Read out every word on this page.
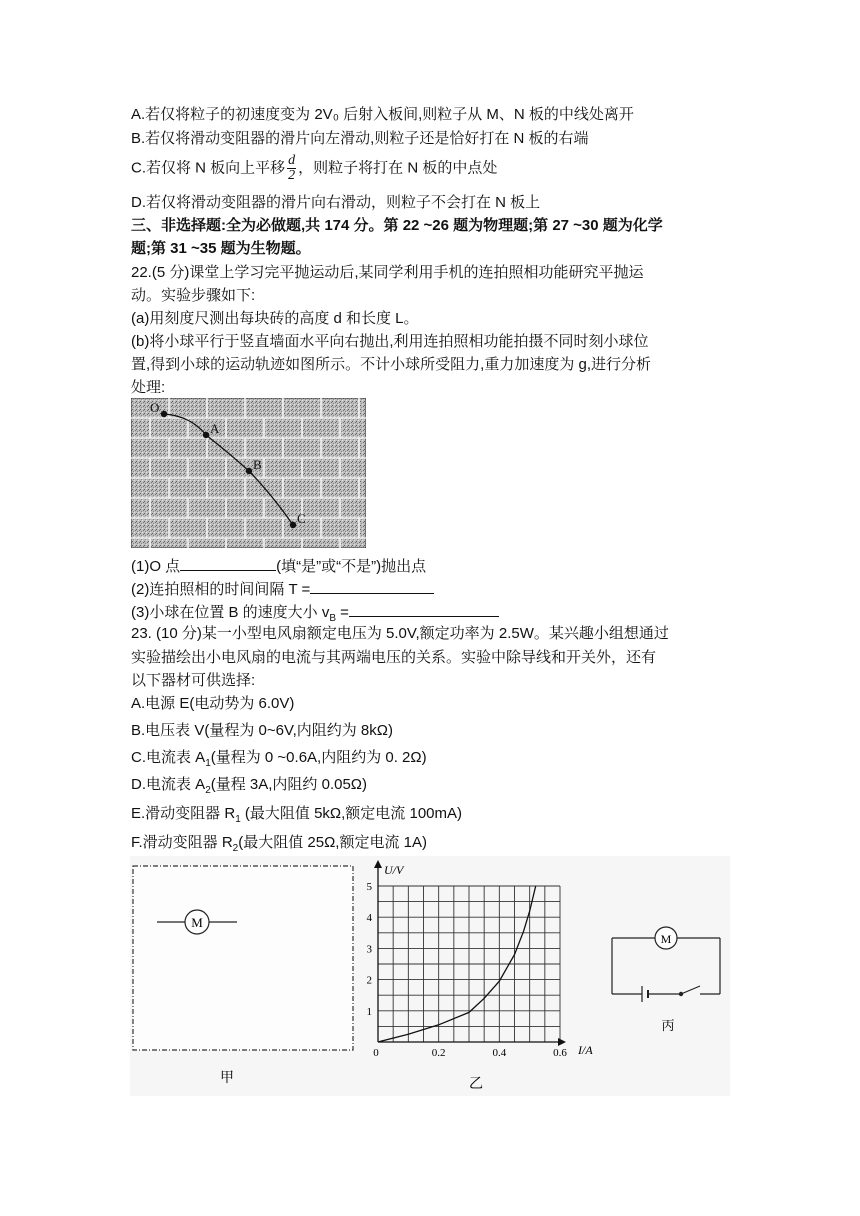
A.若仅将粒子的初速度变为 2V₀ 后射入板间,则粒子从 M、N 板的中线处离开
B.若仅将滑动变阻器的滑片向左滑动,则粒子还是恰好打在 N 板的右端
C.若仅将 N 板向上平移 $\frac{d}{2}$ ，则粒子将打在 N 板的中点处
D.若仅将滑动变阻器的滑片向右滑动，则粒子不会打在 N 板上
三、非选择题:全为必做题,共 174 分。第 22 ~26 题为物理题;第 27 ~30 题为化学
题;第 31 ~35 题为生物题。
22.(5 分)课堂上学习完平抛运动后,某同学利用手机的连拍照相功能研究平抛运
动。实验步骤如下:
(a)用刻度尺测出每块砖的高度 d 和长度 L。
(b)将小球平行于竖直墙面水平向右抛出,利用连拍照相功能拍摄不同时刻小球位
置,得到小球的运动轨迹如图所示。不计小球所受阻力,重力加速度为 g,进行分析
处理:
O
A
B
C
(1)O 点	(填“是”或“不是”)抛出点
(2)连拍照相的时间间隔 T =
(3)小球在位置 B 的速度大小 $v_B$ =
23. (10 分)某一小型电风扇额定电压为 5.0V,额定功率为 2.5W。某兴趣小组想通过
实验描绘出小电风扇的电流与其两端电压的关系。实验中除导线和开关外，还有
以下器材可供选择:
A.电源 E(电动势为 6.0V)
B.电压表 V(量程为 0~6V,内阻约为 8kΩ)
C.电流表 $A_1$(量程为 0 ~0.6A,内阻约为 0. 2Ω)
D.电流表 $A_2$(量程 3A,内阻约 0.05Ω)
E.滑动变阻器 $R_1$ (最大阻值 5kΩ,额定电流 100mA)
F.滑动变阻器 $R_2$(最大阻值 25Ω,额定电流 1A)
M
甲
U/V
I/A
0	0.2	0.4	0.6
1
2
3
4
5
乙
M
丙
